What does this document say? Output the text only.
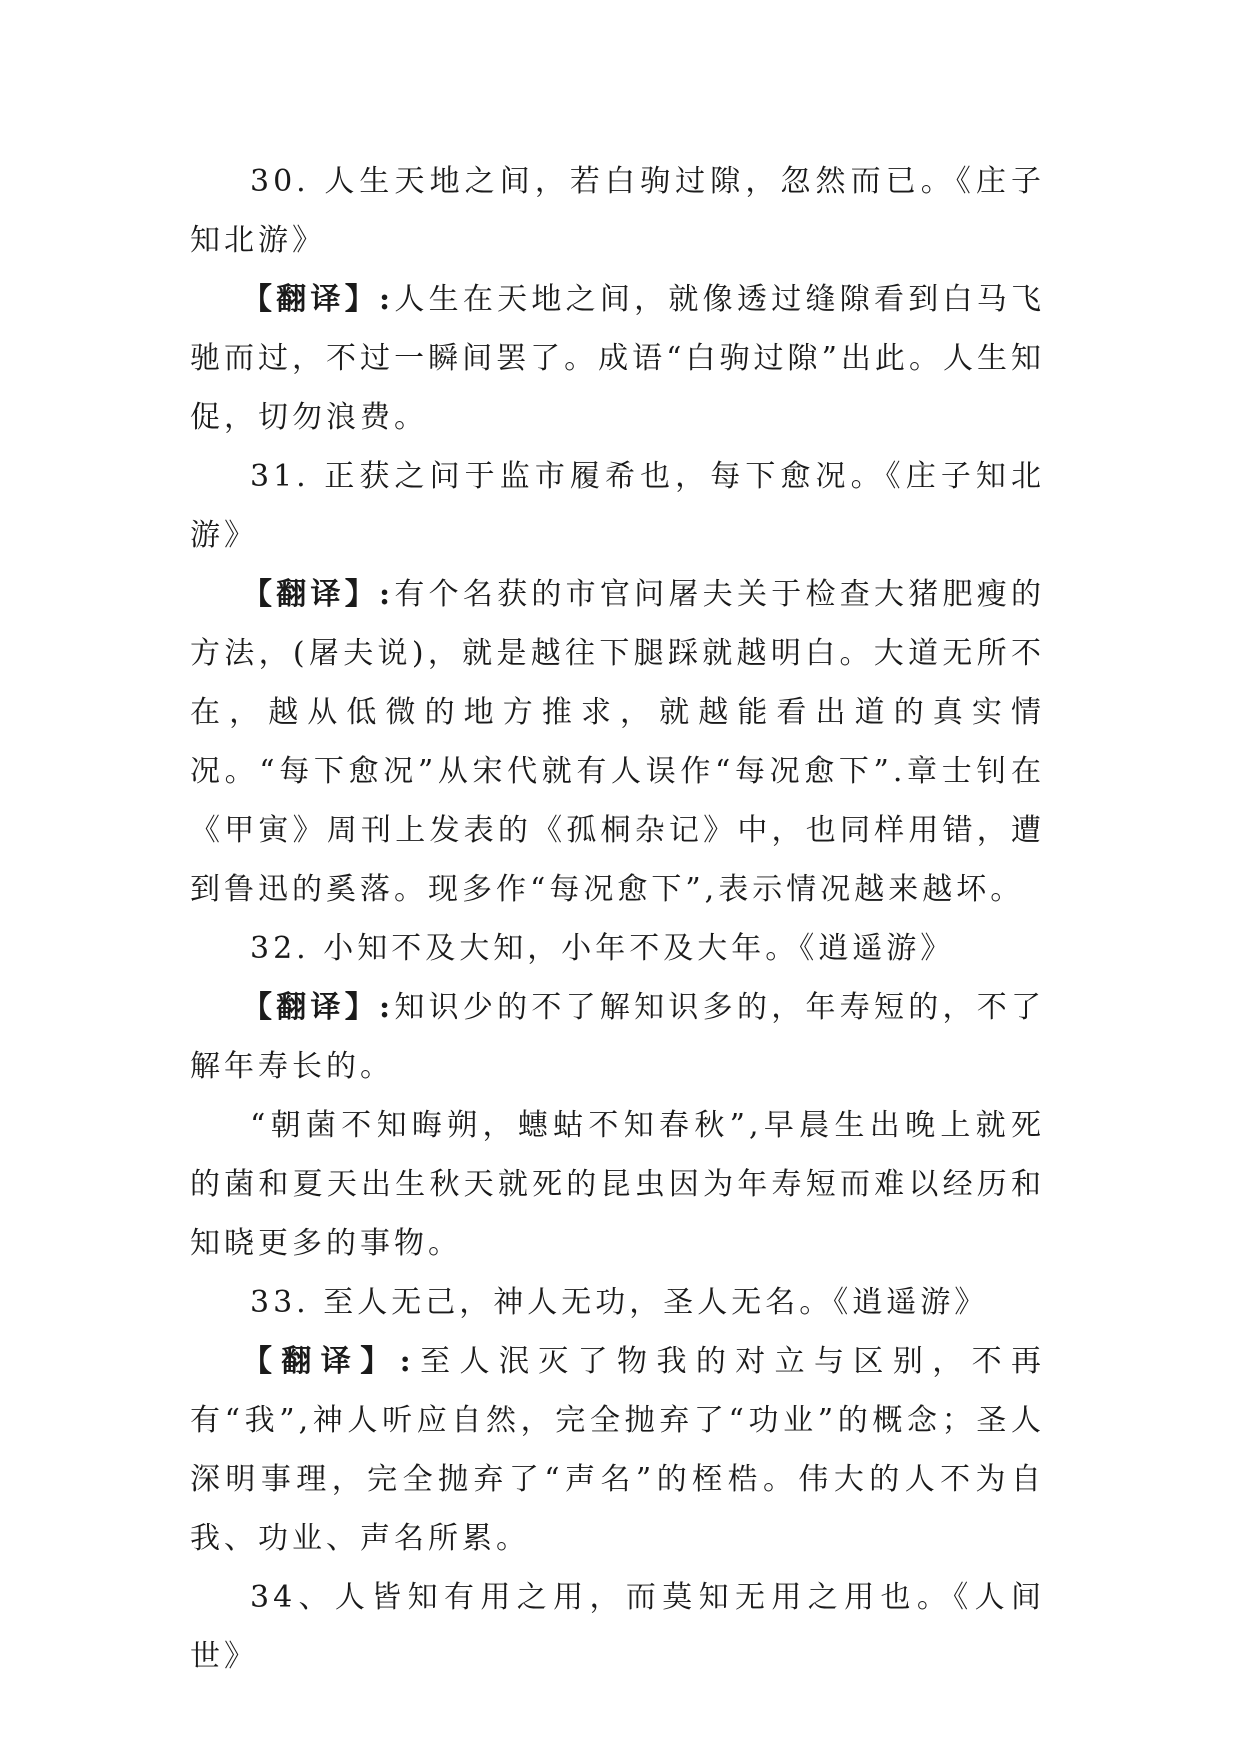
30. 人生天地之间，若白驹过隙，忽然而已。《庄子知北游》

【翻译】:人生在天地之间，就像透过缝隙看到白马飞驰而过，不过一瞬间罢了。成语“白驹过隙”出此。人生知促，切勿浪费。

31. 正获之问于监市履希也，每下愈况。《庄子知北游》

【翻译】:有个名获的市官问屠夫关于检查大猪肥瘦的方法，(屠夫说)，就是越往下腿踩就越明白。大道无所不在，越从低微的地方推求，就越能看出道的真实情况。“每下愈况”从宋代就有人误作“每况愈下”.章士钊在《甲寅》周刊上发表的《孤桐杂记》中，也同样用错，遭到鲁迅的奚落。现多作“每况愈下”,表示情况越来越坏。

32. 小知不及大知，小年不及大年。《逍遥游》

【翻译】:知识少的不了解知识多的，年寿短的，不了解年寿长的。

“朝菌不知晦朔，蟪蛄不知春秋”,早晨生出晚上就死的菌和夏天出生秋天就死的昆虫因为年寿短而难以经历和知晓更多的事物。

33. 至人无己，神人无功，圣人无名。《逍遥游》

【翻译】:至人泯灭了物我的对立与区别，不再有“我”,神人听应自然，完全抛弃了“功业”的概念；圣人深明事理，完全抛弃了“声名”的桎梏。伟大的人不为自我、功业、声名所累。

34、人皆知有用之用，而莫知无用之用也。《人间世》
